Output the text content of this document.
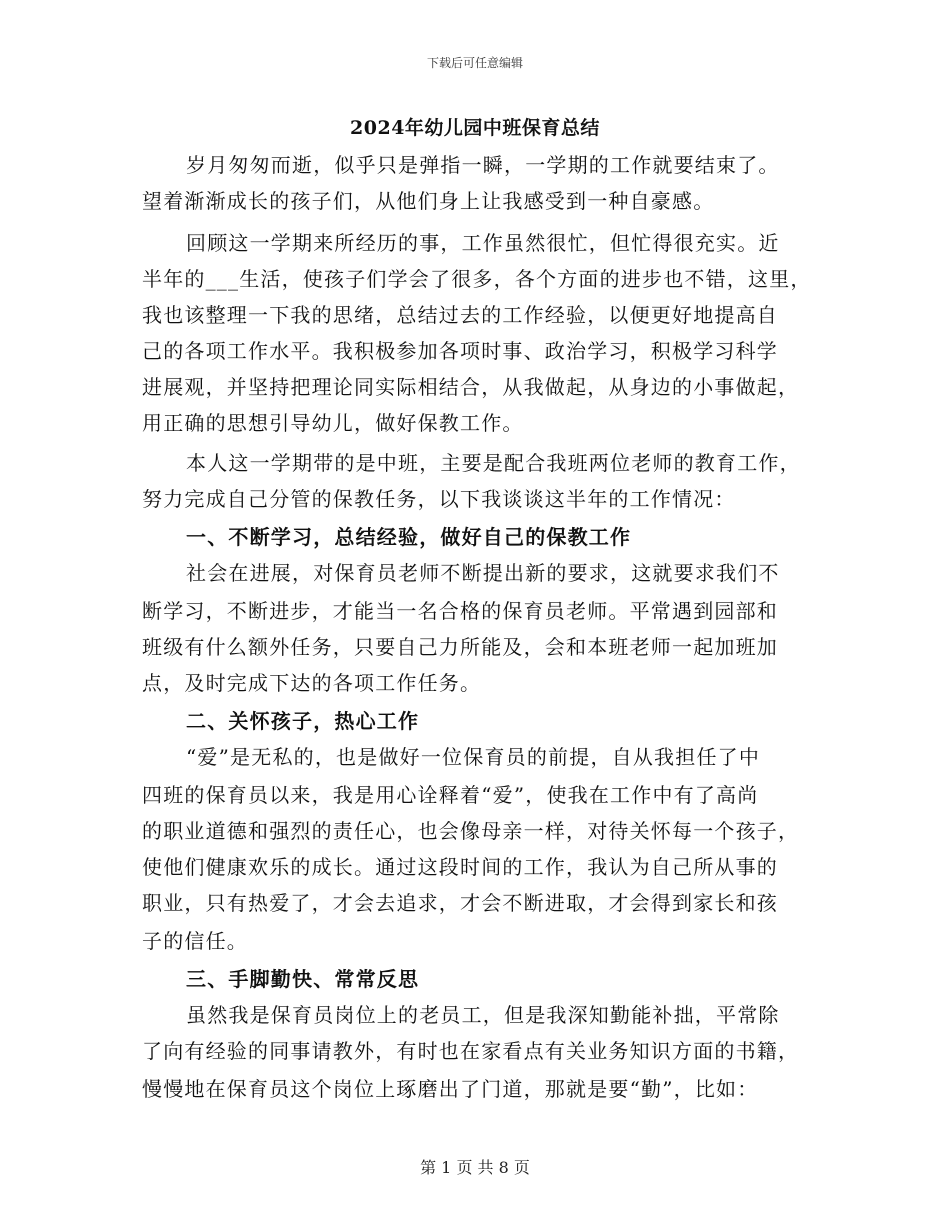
下载后可任意编辑
2024年幼儿园中班保育总结
岁月匆匆而逝，似乎只是弹指一瞬，一学期的工作就要结束了。
望着渐渐成长的孩子们，从他们身上让我感受到一种自豪感。
回顾这一学期来所经历的事，工作虽然很忙，但忙得很充实。近
半年的___生活，使孩子们学会了很多，各个方面的进步也不错，这里，
我也该整理一下我的思绪，总结过去的工作经验，以便更好地提高自
己的各项工作水平。我积极参加各项时事、政治学习，积极学习科学
进展观，并坚持把理论同实际相结合，从我做起，从身边的小事做起，
用正确的思想引导幼儿，做好保教工作。
本人这一学期带的是中班，主要是配合我班两位老师的教育工作，
努力完成自己分管的保教任务，以下我谈谈这半年的工作情况：
一、不断学习，总结经验，做好自己的保教工作
社会在进展，对保育员老师不断提出新的要求，这就要求我们不
断学习，不断进步，才能当一名合格的保育员老师。平常遇到园部和
班级有什么额外任务，只要自己力所能及，会和本班老师一起加班加
点，及时完成下达的各项工作任务。
二、关怀孩子，热心工作
“爱”是无私的，也是做好一位保育员的前提，自从我担任了中
四班的保育员以来，我是用心诠释着“爱”，使我在工作中有了高尚
的职业道德和强烈的责任心，也会像母亲一样，对待关怀每一个孩子，
使他们健康欢乐的成长。通过这段时间的工作，我认为自己所从事的
职业，只有热爱了，才会去追求，才会不断进取，才会得到家长和孩
子的信任。
三、手脚勤快、常常反思
虽然我是保育员岗位上的老员工，但是我深知勤能补拙，平常除
了向有经验的同事请教外，有时也在家看点有关业务知识方面的书籍，
慢慢地在保育员这个岗位上琢磨出了门道，那就是要“勤”，比如：
第 1 页 共 8 页
